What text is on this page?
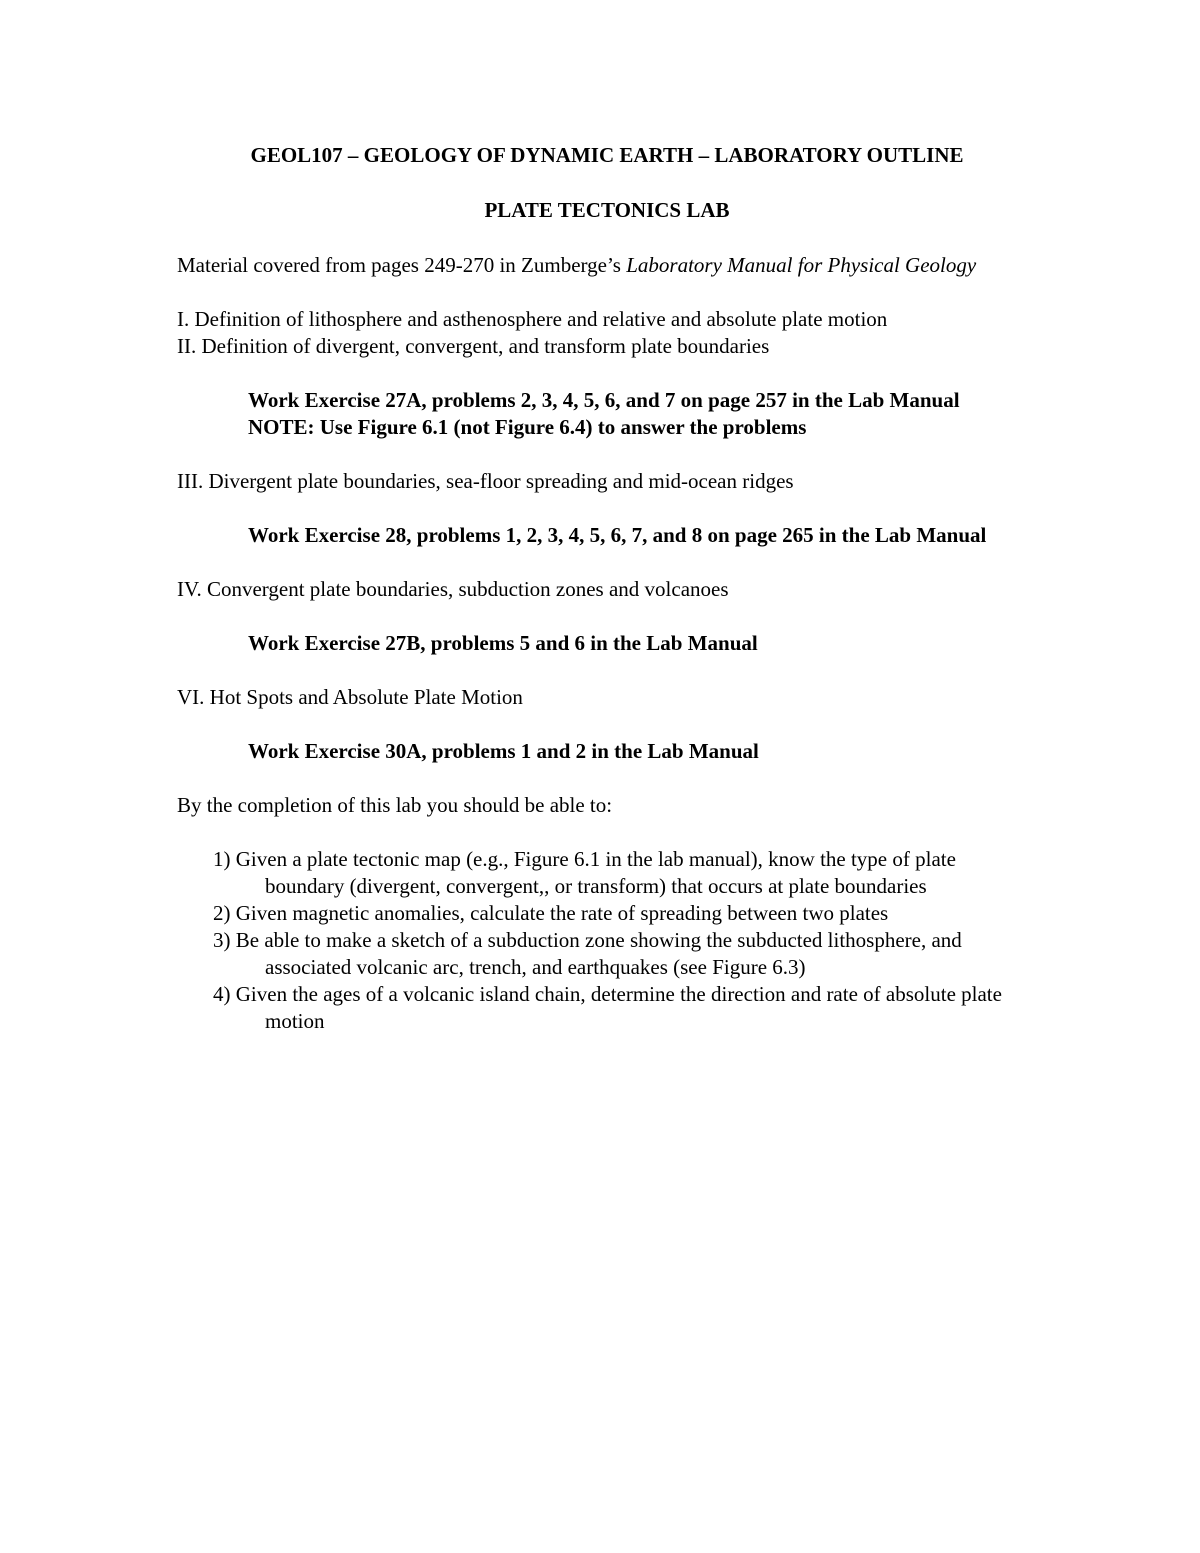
GEOL107 – GEOLOGY OF DYNAMIC EARTH – LABORATORY OUTLINE

PLATE TECTONICS LAB

Material covered from pages 249-270 in Zumberge’s Laboratory Manual for Physical Geology

I. Definition of lithosphere and asthenosphere and relative and absolute plate motion

II. Definition of divergent, convergent, and transform plate boundaries

Work Exercise 27A, problems 2, 3, 4, 5, 6, and 7 on page 257 in the Lab Manual

NOTE: Use Figure 6.1 (not Figure 6.4) to answer the problems

III. Divergent plate boundaries, sea-floor spreading and mid-ocean ridges

Work Exercise 28, problems 1, 2, 3, 4, 5, 6, 7, and 8 on page 265 in the Lab Manual

IV. Convergent plate boundaries, subduction zones and volcanoes

Work Exercise 27B, problems 5 and 6 in the Lab Manual

VI. Hot Spots and Absolute Plate Motion

Work Exercise 30A, problems 1 and 2 in the Lab Manual

By the completion of this lab you should be able to:

1) Given a plate tectonic map (e.g., Figure 6.1 in the lab manual), know the type of plate boundary (divergent, convergent,, or transform) that occurs at plate boundaries
2) Given magnetic anomalies, calculate the rate of spreading between two plates
3) Be able to make a sketch of a subduction zone showing the subducted lithosphere, and associated volcanic arc, trench, and earthquakes (see Figure 6.3)
4) Given the ages of a volcanic island chain, determine the direction and rate of absolute plate motion
